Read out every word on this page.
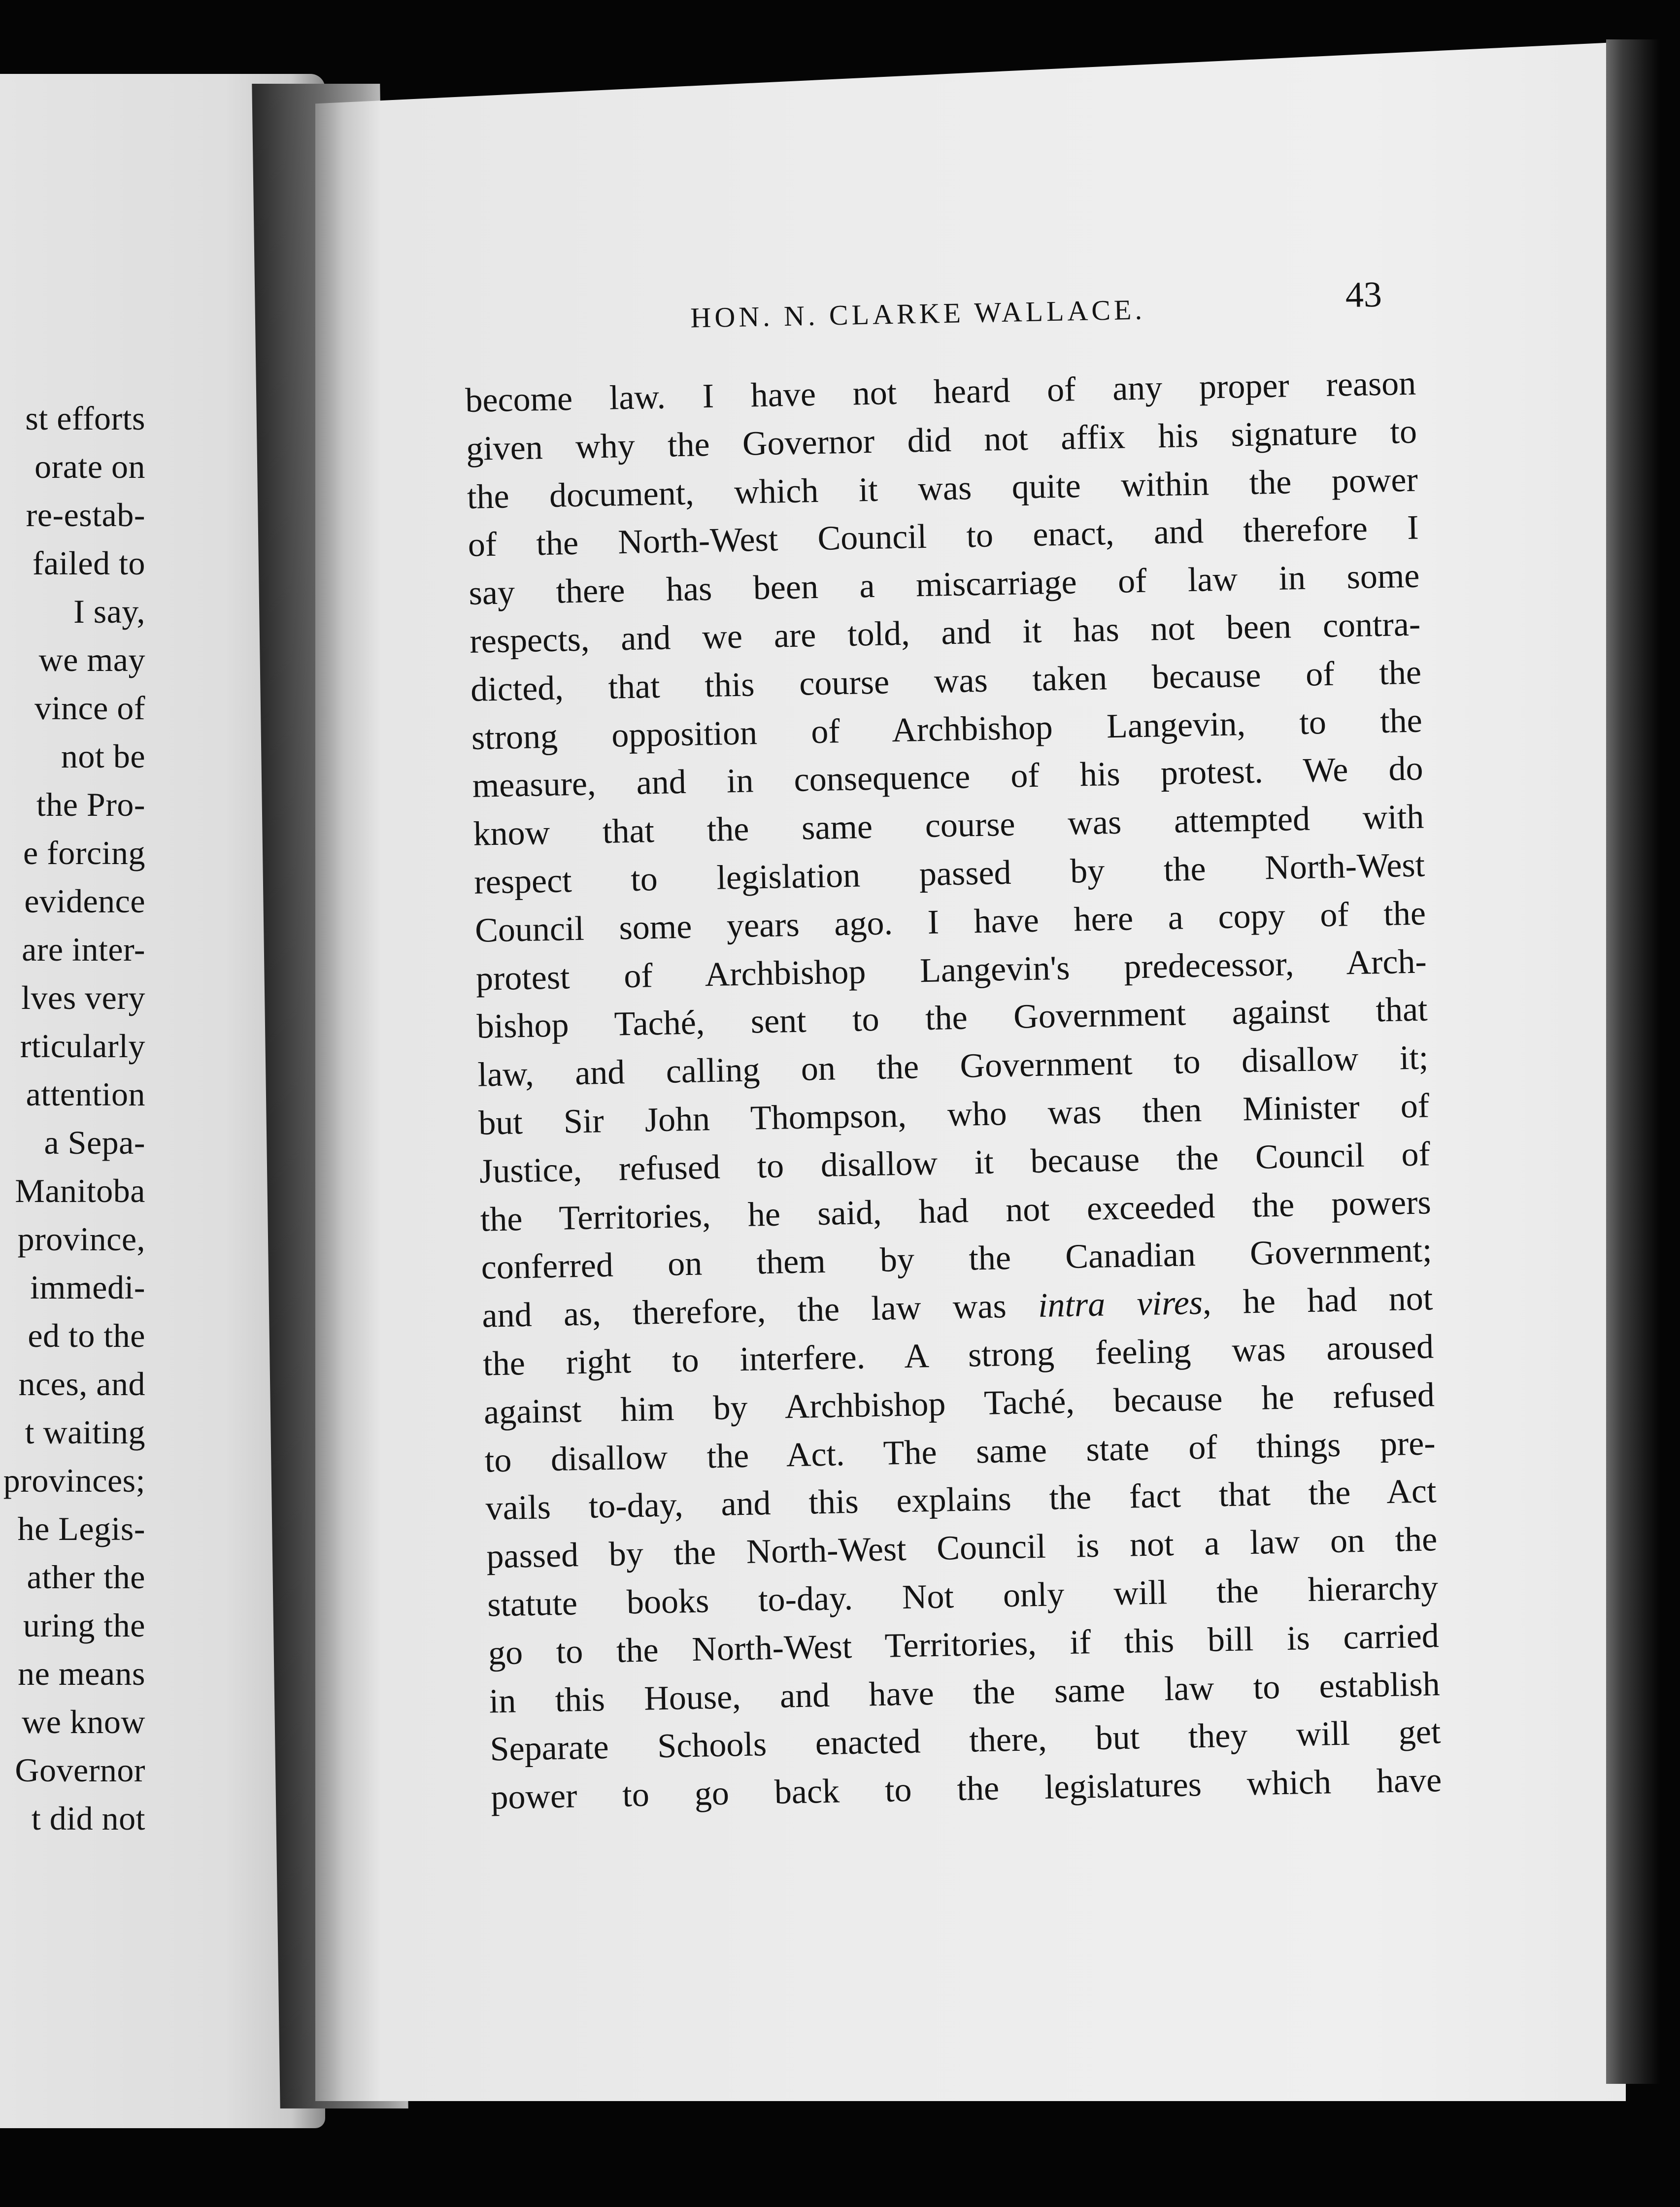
st efforts
orate on
re-estab-
failed to
I say,
we may
vince of
not be
the Pro-
e forcing
evidence
are inter-
lves very
rticularly
attention
a Sepa-
Manitoba
province,
immedi-
ed to the
nces, and
t waiting
provinces;
he Legis-
ather the
uring the
ne means
we know
Governor
t did not
HON. N. CLARKE WALLACE.	43
become law. I have not heard of any proper reason
given why the Governor did not affix his signature to
the document, which it was quite within the power
of the North-West Council to enact, and therefore I
say there has been a miscarriage of law in some
respects, and we are told, and it has not been contra-
dicted, that this course was taken because of the
strong opposition of Archbishop Langevin, to the
measure, and in consequence of his protest. We do
know that the same course was attempted with
respect to legislation passed by the North-West
Council some years ago. I have here a copy of the
protest of Archbishop Langevin's predecessor, Arch-
bishop Taché, sent to the Government against that
law, and calling on the Government to disallow it;
but Sir John Thompson, who was then Minister of
Justice, refused to disallow it because the Council of
the Territories, he said, had not exceeded the powers
conferred on them by the Canadian Government;
and as, therefore, the law was intra vires, he had not
the right to interfere. A strong feeling was aroused
against him by Archbishop Taché, because he refused
to disallow the Act. The same state of things pre-
vails to-day, and this explains the fact that the Act
passed by the North-West Council is not a law on the
statute books to-day. Not only will the hierarchy
go to the North-West Territories, if this bill is carried
in this House, and have the same law to establish
Separate Schools enacted there, but they will get
power to go back to the legislatures which have
